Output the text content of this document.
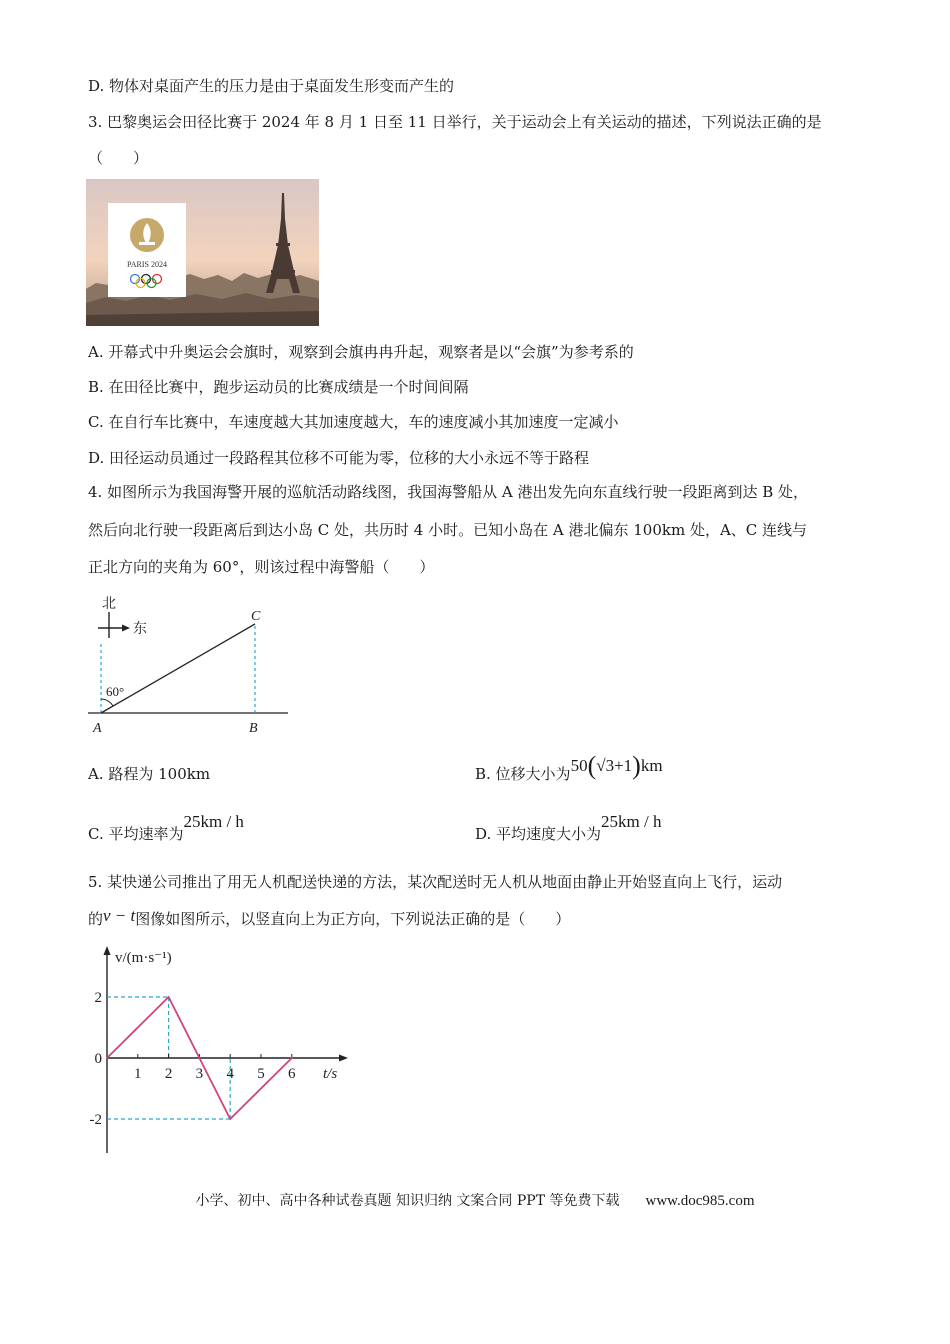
D. 物体对桌面产生的压力是由于桌面发生形变而产生的
3. 巴黎奥运会田径比赛于 2024 年 8 月 1 日至 11 日举行，关于运动会上有关运动的描述，下列说法正确的是
（　　）
PARIS 2024
A. 开幕式中升奥运会会旗时，观察到会旗冉冉升起，观察者是以“会旗”为参考系的
B. 在田径比赛中，跑步运动员的比赛成绩是一个时间间隔
C. 在自行车比赛中，车速度越大其加速度越大，车的速度减小其加速度一定减小
D. 田径运动员通过一段路程其位移不可能为零，位移的大小永远不等于路程
4. 如图所示为我国海警开展的巡航活动路线图，我国海警船从 A 港出发先向东直线行驶一段距离到达 B 处，
然后向北行驶一段距离后到达小岛 C 处，共历时 4 小时。已知小岛在 A 港北偏东 100km 处，A、C 连线与
正北方向的夹角为 60°，则该过程中海警船（　　）
北
东
60°
A	B
C
A. 路程为 100km	B. 位移大小为50(√3+1)km
C. 平均速率为25km / h
D. 平均速度大小为25km / h
5. 某快递公司推出了用无人机配送快递的方法，某次配送时无人机从地面由静止开始竖直向上飞行，运动
的v − t图像如图所示，以竖直向上为正方向，下列说法正确的是（　　）
v/(m·s⁻¹)
t/s
1 2 3 4 5 6
2
0
-2
小学、初中、高中各种试卷真题 知识归纳 文案合同 PPT 等免费下载 www.doc985.com
